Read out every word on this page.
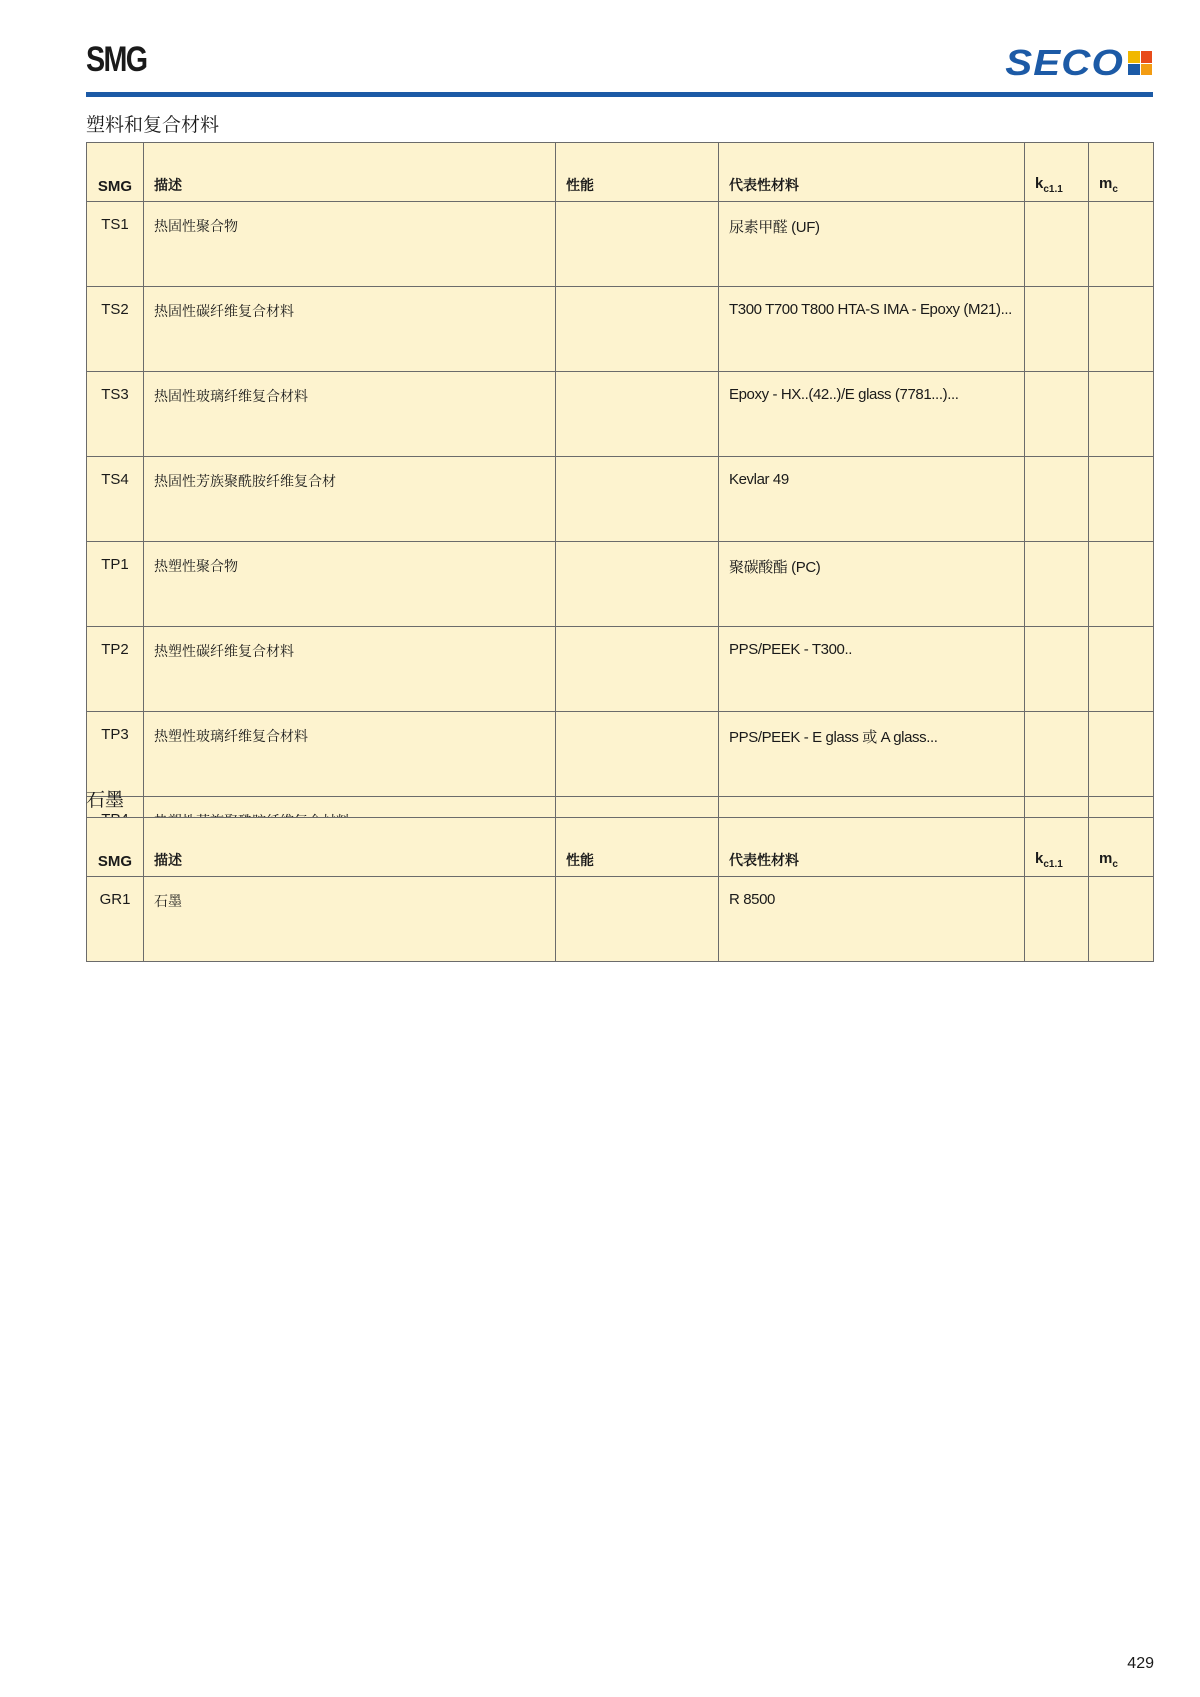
SMG	SECO
塑料和复合材料
SMG	描述	性能	代表性材料	$k_{c1.1}$	$m_c$
TS1	热固性聚合物		尿素甲醛 (UF)		
TS2	热固性碳纤维复合材料		T300 T700 T800 HTA-S IMA - Epoxy (M21)...		
TS3	热固性玻璃纤维复合材料		Epoxy - HX..(42..)/E glass (7781...)...		
TS4	热固性芳族聚酰胺纤维复合材		Kevlar 49		
TP1	热塑性聚合物		聚碳酸酯 (PC)		
TP2	热塑性碳纤维复合材料		PPS/PEEK - T300..		
TP3	热塑性玻璃纤维复合材料		PPS/PEEK - E glass 或 A glass...		

石墨
SMG	描述	性能	代表性材料	$k_{c1.1}$	$m_c$
GR1	石墨		R 8500		
429
